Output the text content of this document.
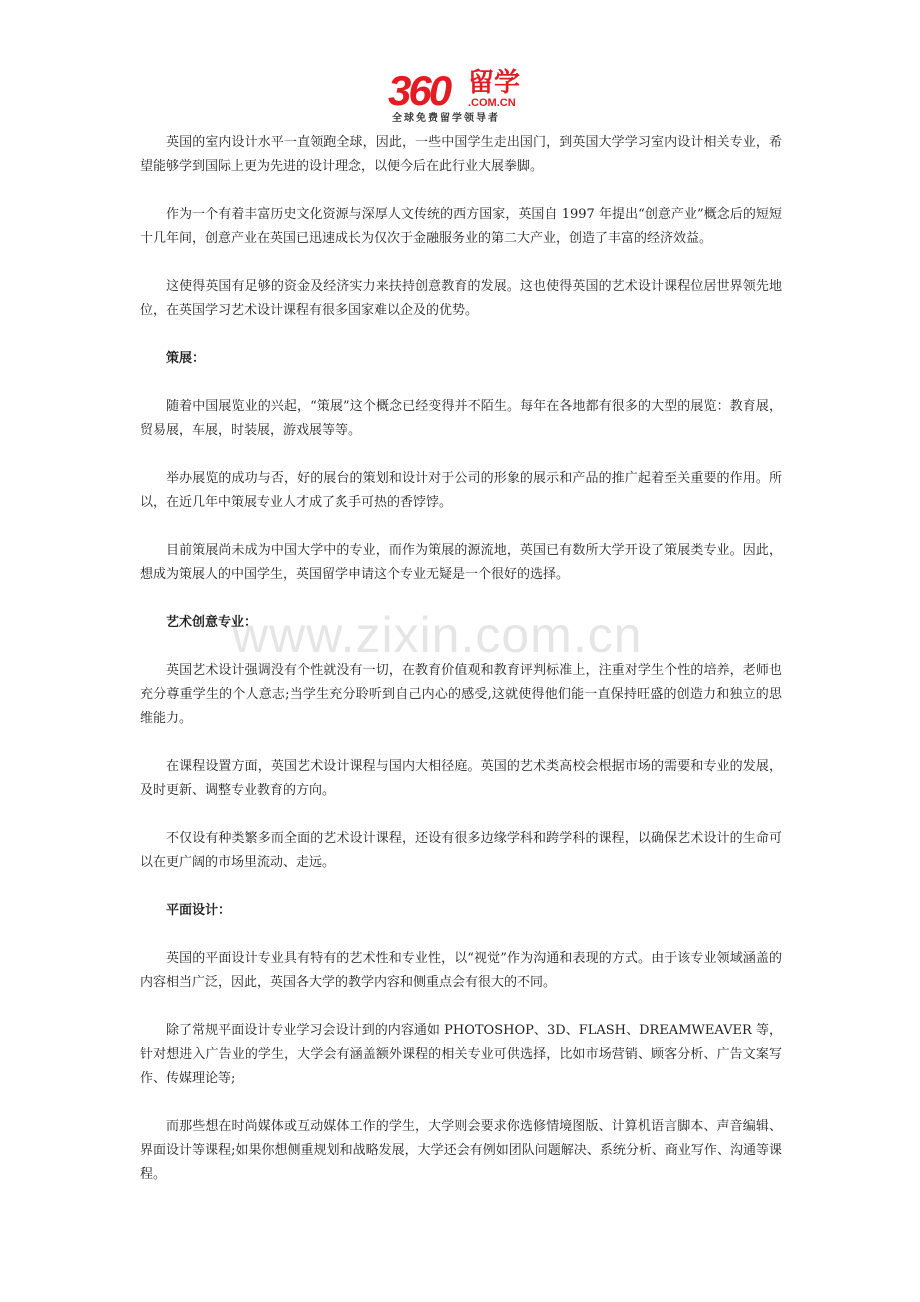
360 留学
.COM.CN
全球免费留学领导者
www.zixin.com.cn

英国的室内设计水平一直领跑全球，因此，一些中国学生走出国门，到英国大学学习室内设计相关专业，希望能够学到国际上更为先进的设计理念，以便今后在此行业大展拳脚。

作为一个有着丰富历史文化资源与深厚人文传统的西方国家，英国自 1997 年提出“创意产业”概念后的短短十几年间，创意产业在英国已迅速成长为仅次于金融服务业的第二大产业，创造了丰富的经济效益。

这使得英国有足够的资金及经济实力来扶持创意教育的发展。这也使得英国的艺术设计课程位居世界领先地位，在英国学习艺术设计课程有很多国家难以企及的优势。

策展：

随着中国展览业的兴起，“策展”这个概念已经变得并不陌生。每年在各地都有很多的大型的展览：教育展，贸易展，车展，时装展，游戏展等等。

举办展览的成功与否，好的展台的策划和设计对于公司的形象的展示和产品的推广起着至关重要的作用。所以，在近几年中策展专业人才成了炙手可热的香饽饽。

目前策展尚未成为中国大学中的专业，而作为策展的源流地，英国已有数所大学开设了策展类专业。因此，想成为策展人的中国学生，英国留学申请这个专业无疑是一个很好的选择。

艺术创意专业：

英国艺术设计强调没有个性就没有一切，在教育价值观和教育评判标准上，注重对学生个性的培养，老师也充分尊重学生的个人意志;当学生充分聆听到自己内心的感受,这就使得他们能一直保持旺盛的创造力和独立的思维能力。

在课程设置方面，英国艺术设计课程与国内大相径庭。英国的艺术类高校会根据市场的需要和专业的发展，及时更新、调整专业教育的方向。

不仅设有种类繁多而全面的艺术设计课程，还设有很多边缘学科和跨学科的课程，以确保艺术设计的生命可以在更广阔的市场里流动、走远。

平面设计：

英国的平面设计专业具有特有的艺术性和专业性，以“视觉”作为沟通和表现的方式。由于该专业领域涵盖的内容相当广泛，因此，英国各大学的教学内容和侧重点会有很大的不同。

除了常规平面设计专业学习会设计到的内容通如 PHOTOSHOP、3D、FLASH、DREAMWEAVER 等，针对想进入广告业的学生，大学会有涵盖额外课程的相关专业可供选择，比如市场营销、顾客分析、广告文案写作、传媒理论等;

而那些想在时尚媒体或互动媒体工作的学生，大学则会要求你选修情境图版、计算机语言脚本、声音编辑、界面设计等课程;如果你想侧重规划和战略发展，大学还会有例如团队问题解决、系统分析、商业写作、沟通等课程。
